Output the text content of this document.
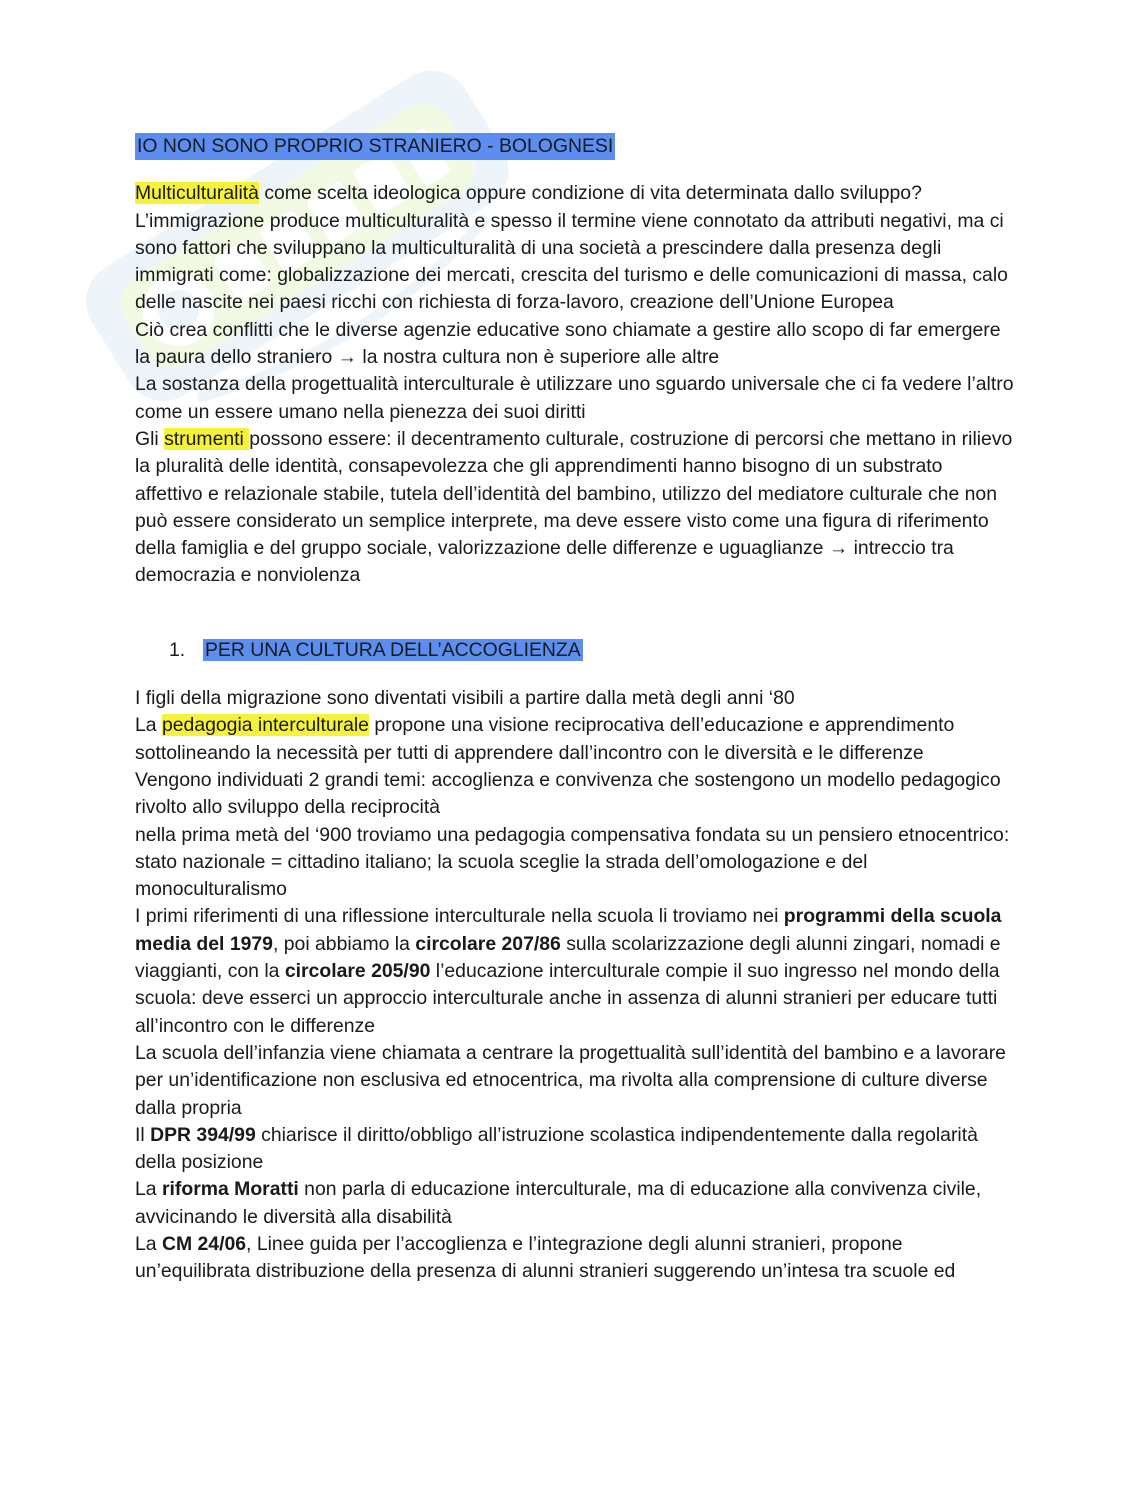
IO NON SONO PROPRIO STRANIERO - BOLOGNESI
Multiculturalità come scelta ideologica oppure condizione di vita determinata dallo sviluppo?
L’immigrazione produce multiculturalità e spesso il termine viene connotato da attributi negativi, ma ci sono fattori che sviluppano la multiculturalità di una società a prescindere dalla presenza degli immigrati come: globalizzazione dei mercati, crescita del turismo e delle comunicazioni di massa, calo delle nascite nei paesi ricchi con richiesta di forza-lavoro, creazione dell’Unione Europea
Ciò crea conflitti che le diverse agenzie educative sono chiamate a gestire allo scopo di far emergere la paura dello straniero → la nostra cultura non è superiore alle altre
La sostanza della progettualità interculturale è utilizzare uno sguardo universale che ci fa vedere l’altro come un essere umano nella pienezza dei suoi diritti
Gli strumenti possono essere: il decentramento culturale, costruzione di percorsi che mettano in rilievo la pluralità delle identità, consapevolezza che gli apprendimenti hanno bisogno di un substrato affettivo e relazionale stabile, tutela dell’identità del bambino, utilizzo del mediatore culturale che non può essere considerato un semplice interprete, ma deve essere visto come una figura di riferimento della famiglia e del gruppo sociale, valorizzazione delle differenze e uguaglianze → intreccio tra democrazia e nonviolenza
1. PER UNA CULTURA DELL’ACCOGLIENZA
I figli della migrazione sono diventati visibili a partire dalla metà degli anni ‘80
La pedagogia interculturale propone una visione reciprocativa dell’educazione e apprendimento sottolineando la necessità per tutti di apprendere dall’incontro con le diversità e le differenze
Vengono individuati 2 grandi temi: accoglienza e convivenza che sostengono un modello pedagogico rivolto allo sviluppo della reciprocità
nella prima metà del ‘900 troviamo una pedagogia compensativa fondata su un pensiero etnocentrico: stato nazionale = cittadino italiano; la scuola sceglie la strada dell’omologazione e del monoculturalismo
I primi riferimenti di una riflessione interculturale nella scuola li troviamo nei programmi della scuola media del 1979, poi abbiamo la circolare 207/86 sulla scolarizzazione degli alunni zingari, nomadi e viaggianti, con la circolare 205/90 l’educazione interculturale compie il suo ingresso nel mondo della scuola: deve esserci un approccio interculturale anche in assenza di alunni stranieri per educare tutti all’incontro con le differenze
La scuola dell’infanzia viene chiamata a centrare la progettualità sull’identità del bambino e a lavorare per un’identificazione non esclusiva ed etnocentrica, ma rivolta alla comprensione di culture diverse dalla propria
Il DPR 394/99 chiarisce il diritto/obbligo all’istruzione scolastica indipendentemente dalla regolarità della posizione
La riforma Moratti non parla di educazione interculturale, ma di educazione alla convivenza civile, avvicinando le diversità alla disabilità
La CM 24/06, Linee guida per l’accoglienza e l’integrazione degli alunni stranieri, propone un’equilibrata distribuzione della presenza di alunni stranieri suggerendo un’intesa tra scuole ed
